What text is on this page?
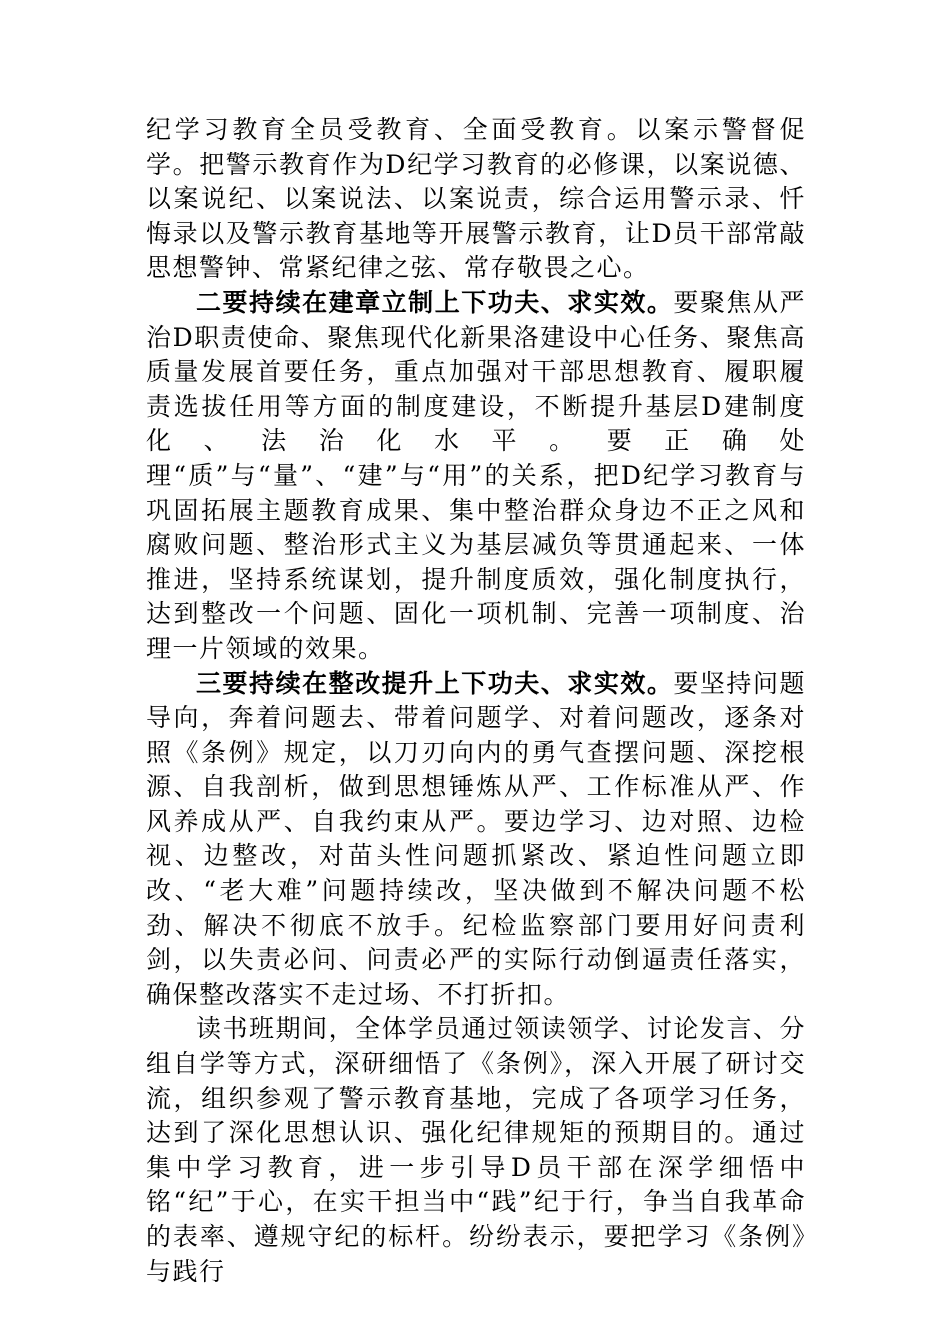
纪学习教育全员受教育、全面受教育。以案示警督促学。把警示教育作为D纪学习教育的必修课，以案说德、以案说纪、以案说法、以案说责，综合运用警示录、忏悔录以及警示教育基地等开展警示教育，让D员干部常敲思想警钟、常紧纪律之弦、常存敬畏之心。

二要持续在建章立制上下功夫、求实效。要聚焦从严治D职责使命、聚焦现代化新果洛建设中心任务、聚焦高质量发展首要任务，重点加强对干部思想教育、履职履责选拔任用等方面的制度建设，不断提升基层D建制度化、法治化水平。要正确处理“质”与“量”、“建”与“用”的关系，把D纪学习教育与巩固拓展主题教育成果、集中整治群众身边不正之风和腐败问题、整治形式主义为基层减负等贯通起来、一体推进，坚持系统谋划，提升制度质效，强化制度执行，达到整改一个问题、固化一项机制、完善一项制度、治理一片领域的效果。

三要持续在整改提升上下功夫、求实效。要坚持问题导向，奔着问题去、带着问题学、对着问题改，逐条对照《条例》规定，以刀刃向内的勇气查摆问题、深挖根源、自我剖析，做到思想锤炼从严、工作标准从严、作风养成从严、自我约束从严。要边学习、边对照、边检视、边整改，对苗头性问题抓紧改、紧迫性问题立即改、“老大难”问题持续改，坚决做到不解决问题不松劲、解决不彻底不放手。纪检监察部门要用好问责利剑，以失责必问、问责必严的实际行动倒逼责任落实，确保整改落实不走过场、不打折扣。

读书班期间，全体学员通过领读领学、讨论发言、分组自学等方式，深研细悟了《条例》，深入开展了研讨交流，组织参观了警示教育基地，完成了各项学习任务，达到了深化思想认识、强化纪律规矩的预期目的。通过集中学习教育，进一步引导D员干部在深学细悟中铭“纪”于心，在实干担当中“践”纪于行，争当自我革命的表率、遵规守纪的标杆。纷纷表示，要把学习《条例》与践行
